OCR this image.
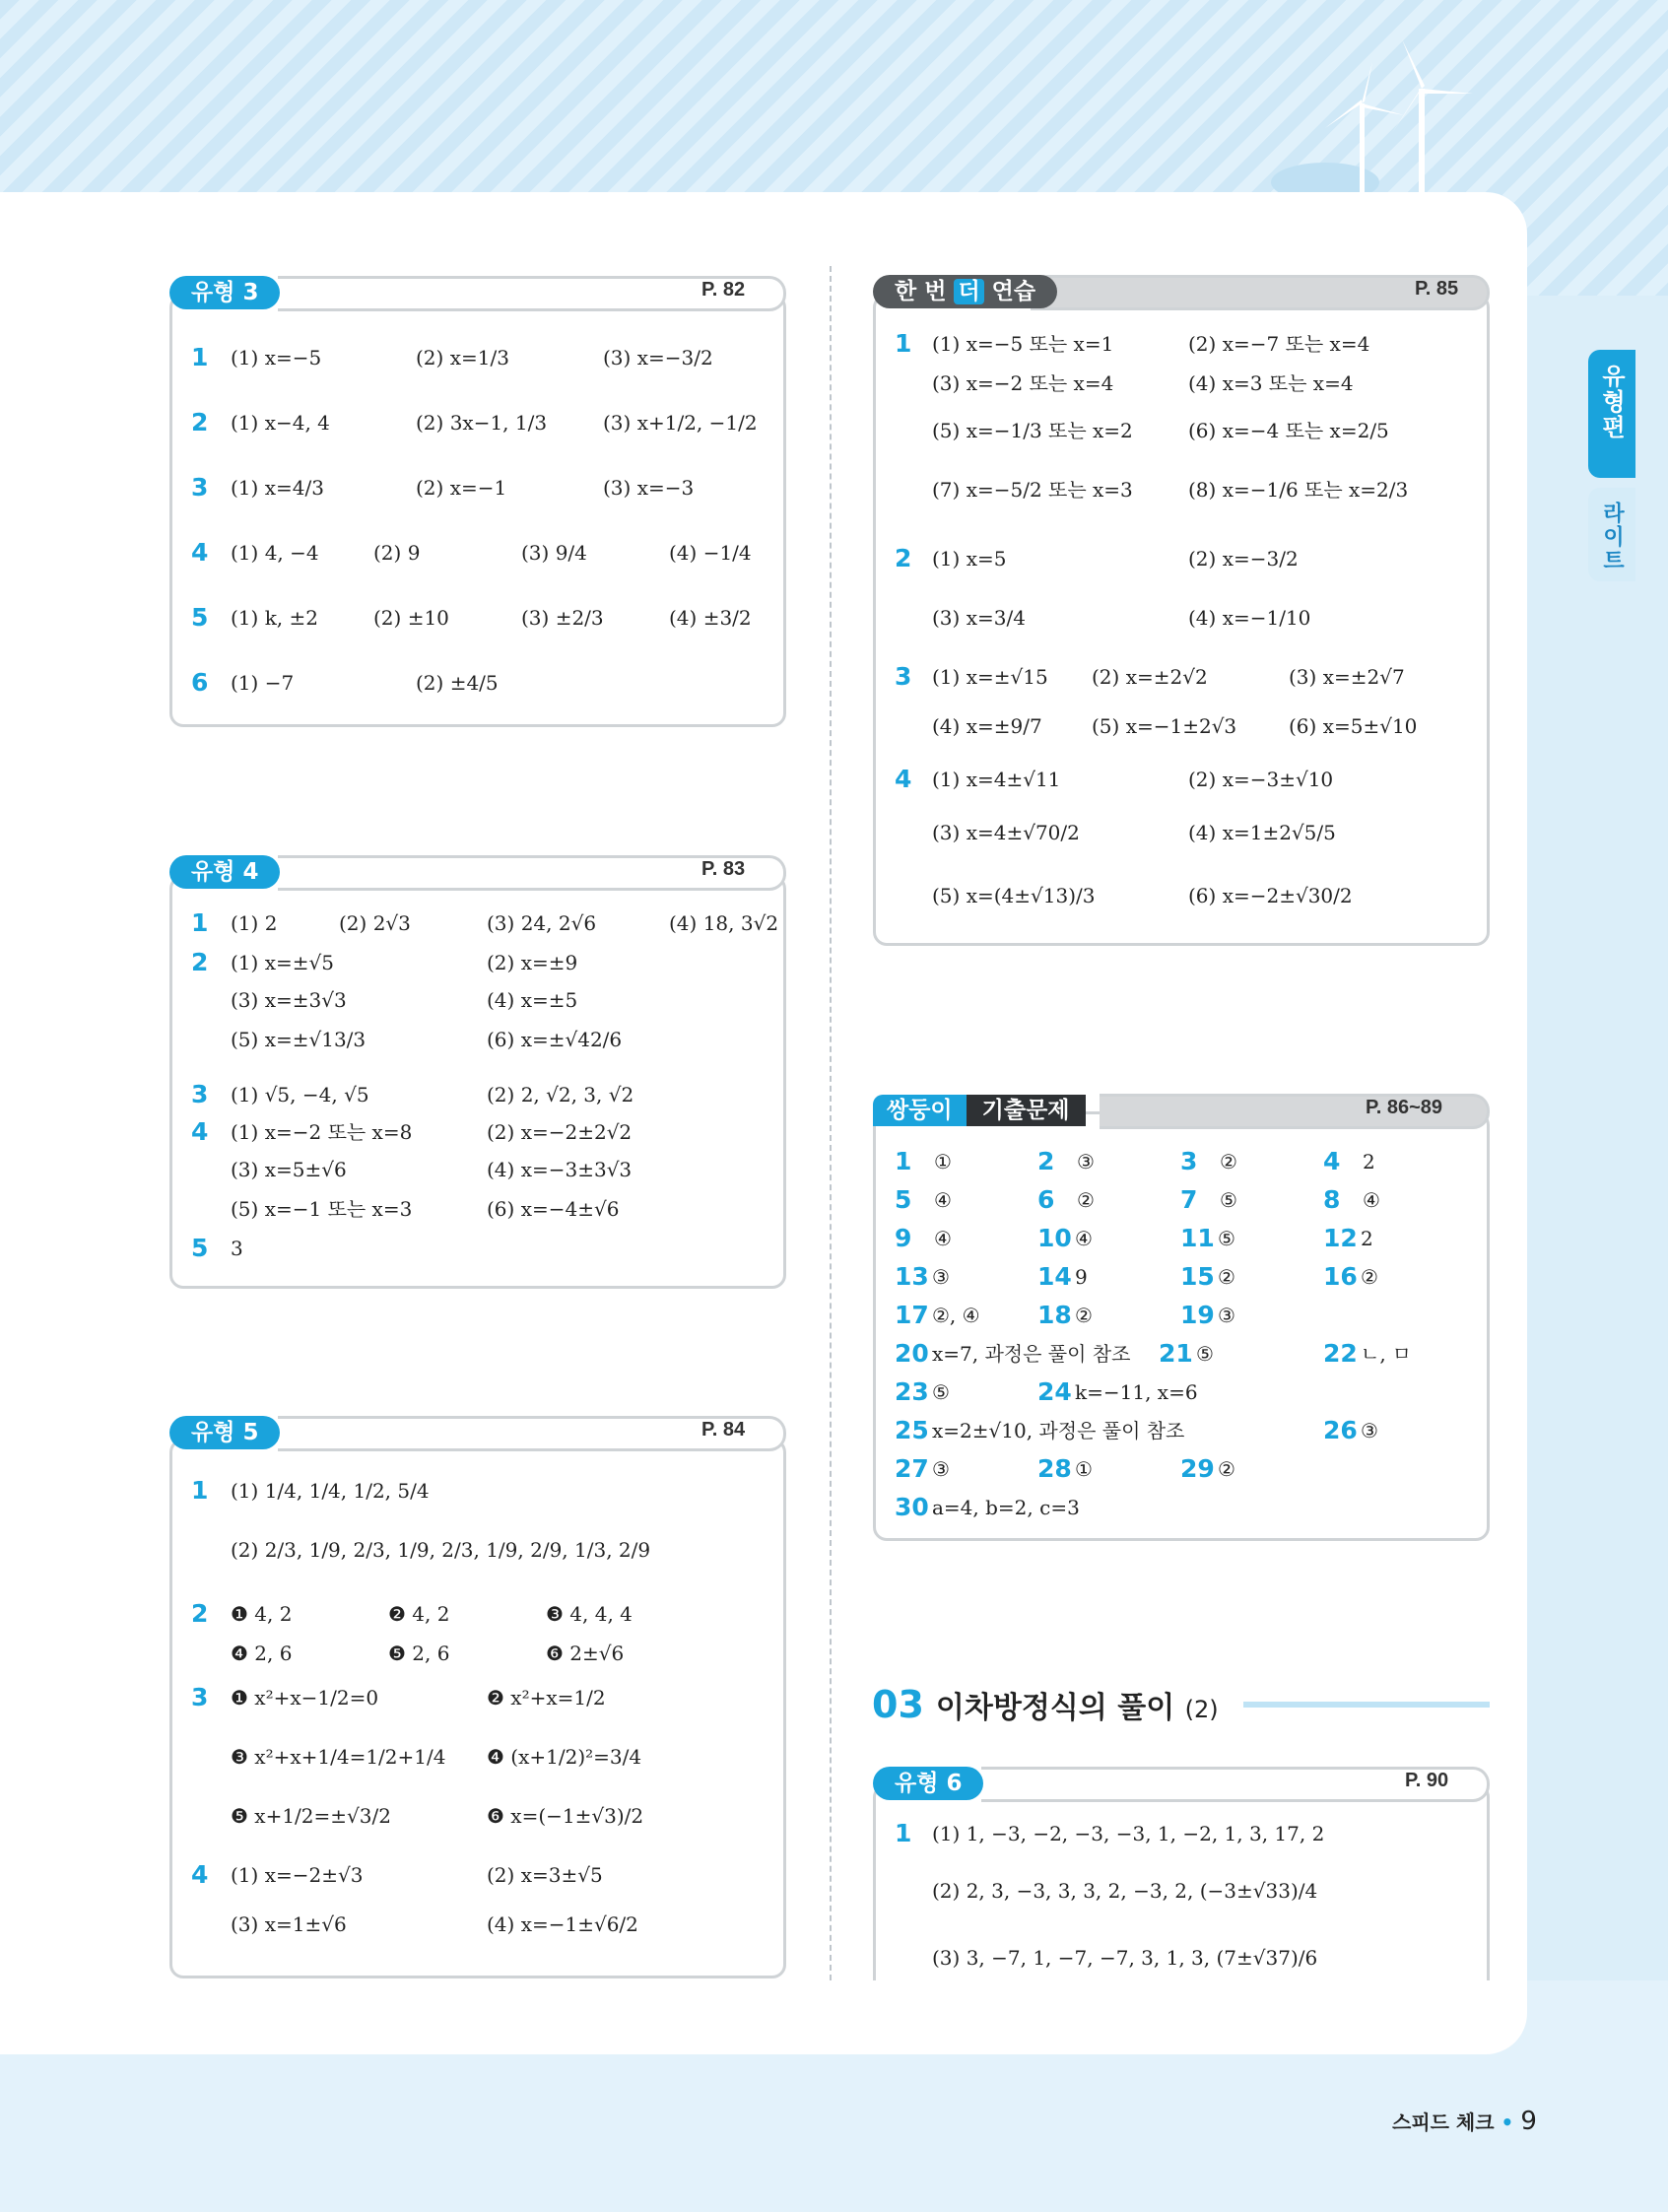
유형편
라이트
유형 3	P. 82
1 (1) x=−5	(2) x=1/3	(3) x=−3/2
2 (1) x−4, 4	(2) 3x−1, 1/3	(3) x+1/2, −1/2
3 (1) x=4/3	(2) x=−1	(3) x=−3
4 (1) 4, −4	(2) 9	(3) 9/4	(4) −1/4
5 (1) k, ±2	(2) ±10	(3) ±2/3	(4) ±3/2
6 (1) −7	(2) ±4/5
유형 4	P. 83
1 (1) 2	(2) 2√3	(3) 24, 2√6	(4) 18, 3√2
2 (1) x=±√5	(2) x=±9
(3) x=±3√3	(4) x=±5
(5) x=±√13/3	(6) x=±√42/6
3 (1) √5, −4, √5	(2) 2, √2, 3, √2
4 (1) x=−2 또는 x=8	(2) x=−2±2√2
(3) x=5±√6	(4) x=−3±3√3
(5) x=−1 또는 x=3	(6) x=−4±√6
5 3
유형 5	P. 84
1 (1) 1/4, 1/4, 1/2, 5/4
(2) 2/3, 1/9, 2/3, 1/9, 2/3, 1/9, 2/9, 1/3, 2/9
2 ❶ 4, 2	❷ 4, 2	❸ 4, 4, 4
❹ 2, 6	❺ 2, 6	❻ 2±√6
3 ❶ x²+x−1/2=0	❷ x²+x=1/2
❸ x²+x+1/4=1/2+1/4 ❹ (x+1/2)²=3/4
❺ x+1/2=±√3/2	❻ x=(−1±√3)/2
4 (1) x=−2±√3	(2) x=3±√5
(3) x=1±√6	(4) x=−1±√6/2
한 번 더 연습	P. 85
1 (1) x=−5 또는 x=1	(2) x=−7 또는 x=4
(3) x=−2 또는 x=4	(4) x=3 또는 x=4
(5) x=−1/3 또는 x=2	(6) x=−4 또는 x=2/5
(7) x=−5/2 또는 x=3	(8) x=−1/6 또는 x=2/3
2 (1) x=5	(2) x=−3/2
(3) x=3/4	(4) x=−1/10
3 (1) x=±√15 (2) x=±2√2	(3) x=±2√7
(4) x=±9/7	(5) x=−1±2√3	(6) x=5±√10
4 (1) x=4±√11	(2) x=−3±√10
(3) x=4±√70/2	(4) x=1±2√5/5
(5) x=(4±√13)/3	(6) x=−2±√30/2
쌍둥이 기출문제	P. 86~89
1 ①	2 ③	3 ②	4 2
5 ④	6 ②	7 ⑤	8 ④
9 ④	10 ④	11 ⑤	12 2
13 ③	14 9	15 ②	16 ②
17 ②, ④ 18 ②	19 ③
20 x=7, 과정은 풀이 참조 21 ⑤	22 ㄴ, ㅁ
23 ⑤	24 k=−11, x=6
25 x=2±√10, 과정은 풀이 참조	26 ③
27 ③	28 ①	29 ②
30 a=4, b=2, c=3
03 이차방정식의 풀이 (2)
유형 6	P. 90
1 (1) 1, −3, −2, −3, −3, 1, −2, 1, 3, 17, 2
(2) 2, 3, −3, 3, 3, 2, −3, 2, (−3±√33)/4
(3) 3, −7, 1, −7, −7, 3, 1, 3, (7±√37)/6
스피드 체크 • 9
